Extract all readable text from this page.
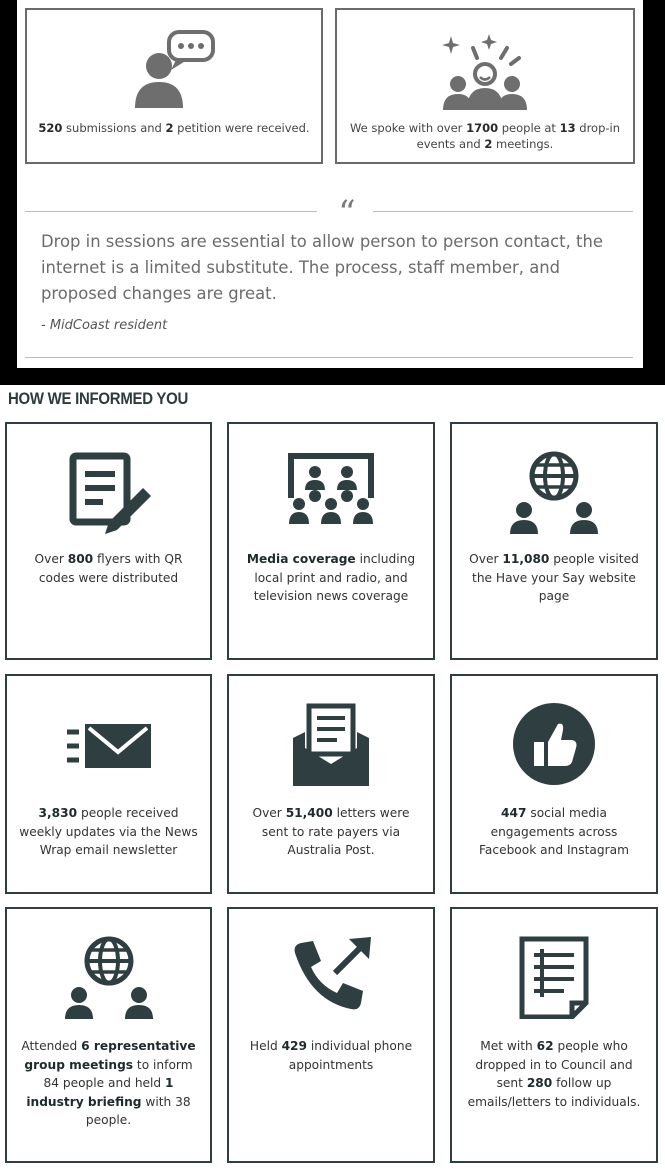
520 submissions and 2 petition were received.	We spoke with over 1700 people at 13 drop-in events and 2 meetings.
“
Drop in sessions are essential to allow person to person contact, the internet is a limited substitute. The process, staff member, and proposed changes are great.
- MidCoast resident
HOW WE INFORMED YOU
Over 800 flyers with QR codes were distributed
Media coverage including local print and radio, and television news coverage
Over 11,080 people visited the Have your Say website page
3,830 people received weekly updates via the News Wrap email newsletter
Over 51,400 letters were sent to rate payers via Australia Post.
447 social media engagements across Facebook and Instagram
Attended 6 representative group meetings to inform 84 people and held 1 industry briefing with 38 people.
Held 429 individual phone appointments
Met with 62 people who dropped in to Council and sent 280 follow up emails/letters to individuals.
